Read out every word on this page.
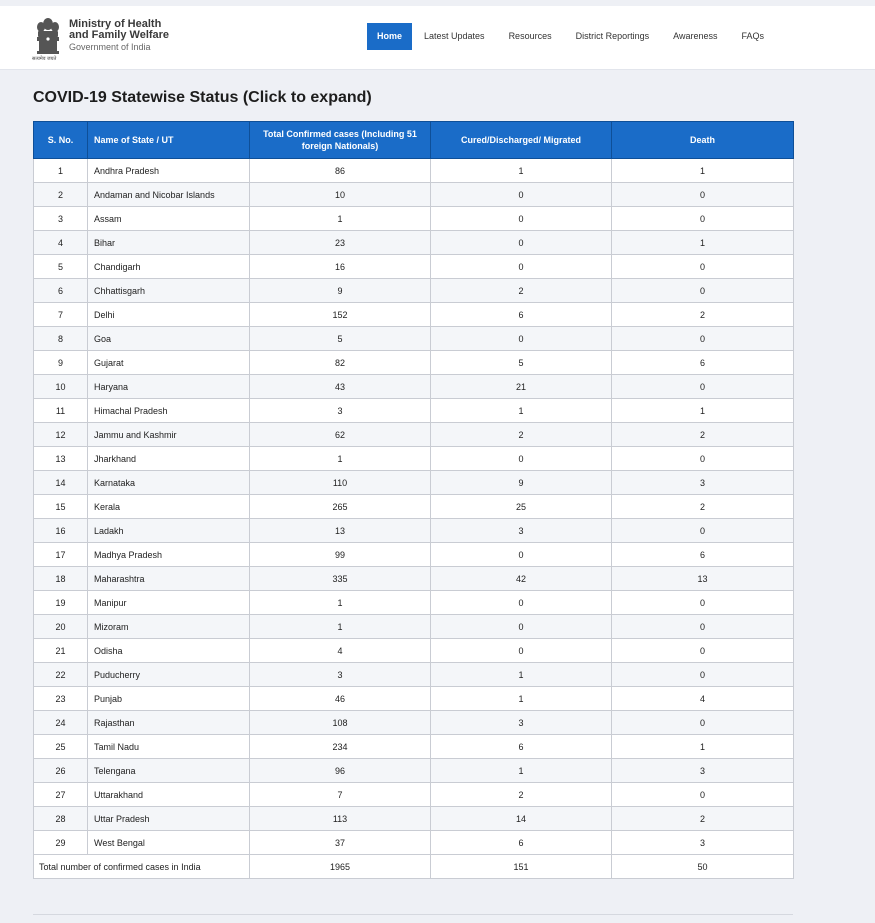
Ministry of Health
and Family Welfare
Government of India
सत्यमेव जयते
Home	Latest Updates	Resources	District Reportings	Awareness	FAQs
COVID-19 Statewise Status (Click to expand)
S. No.	Name of State / UT	Total Confirmed cases (Including 51 foreign Nationals)	Cured/Discharged/ Migrated	Death
1	Andhra Pradesh	86	1	1
2	Andaman and Nicobar Islands	10	0	0
3	Assam	1	0	0
4	Bihar	23	0	1
5	Chandigarh	16	0	0
6	Chhattisgarh	9	2	0
7	Delhi	152	6	2
8	Goa	5	0	0
9	Gujarat	82	5	6
10	Haryana	43	21	0
11	Himachal Pradesh	3	1	1
12	Jammu and Kashmir	62	2	2
13	Jharkhand	1	0	0
14	Karnataka	110	9	3
15	Kerala	265	25	2
16	Ladakh	13	3	0
17	Madhya Pradesh	99	0	6
18	Maharashtra	335	42	13
19	Manipur	1	0	0
20	Mizoram	1	0	0
21	Odisha	4	0	0
22	Puducherry	3	1	0
23	Punjab	46	1	4
24	Rajasthan	108	3	0
25	Tamil Nadu	234	6	1
26	Telengana	96	1	3
27	Uttarakhand	7	2	0
28	Uttar Pradesh	113	14	2
29	West Bengal	37	6	3
Total number of confirmed cases in India		1965	151	50
